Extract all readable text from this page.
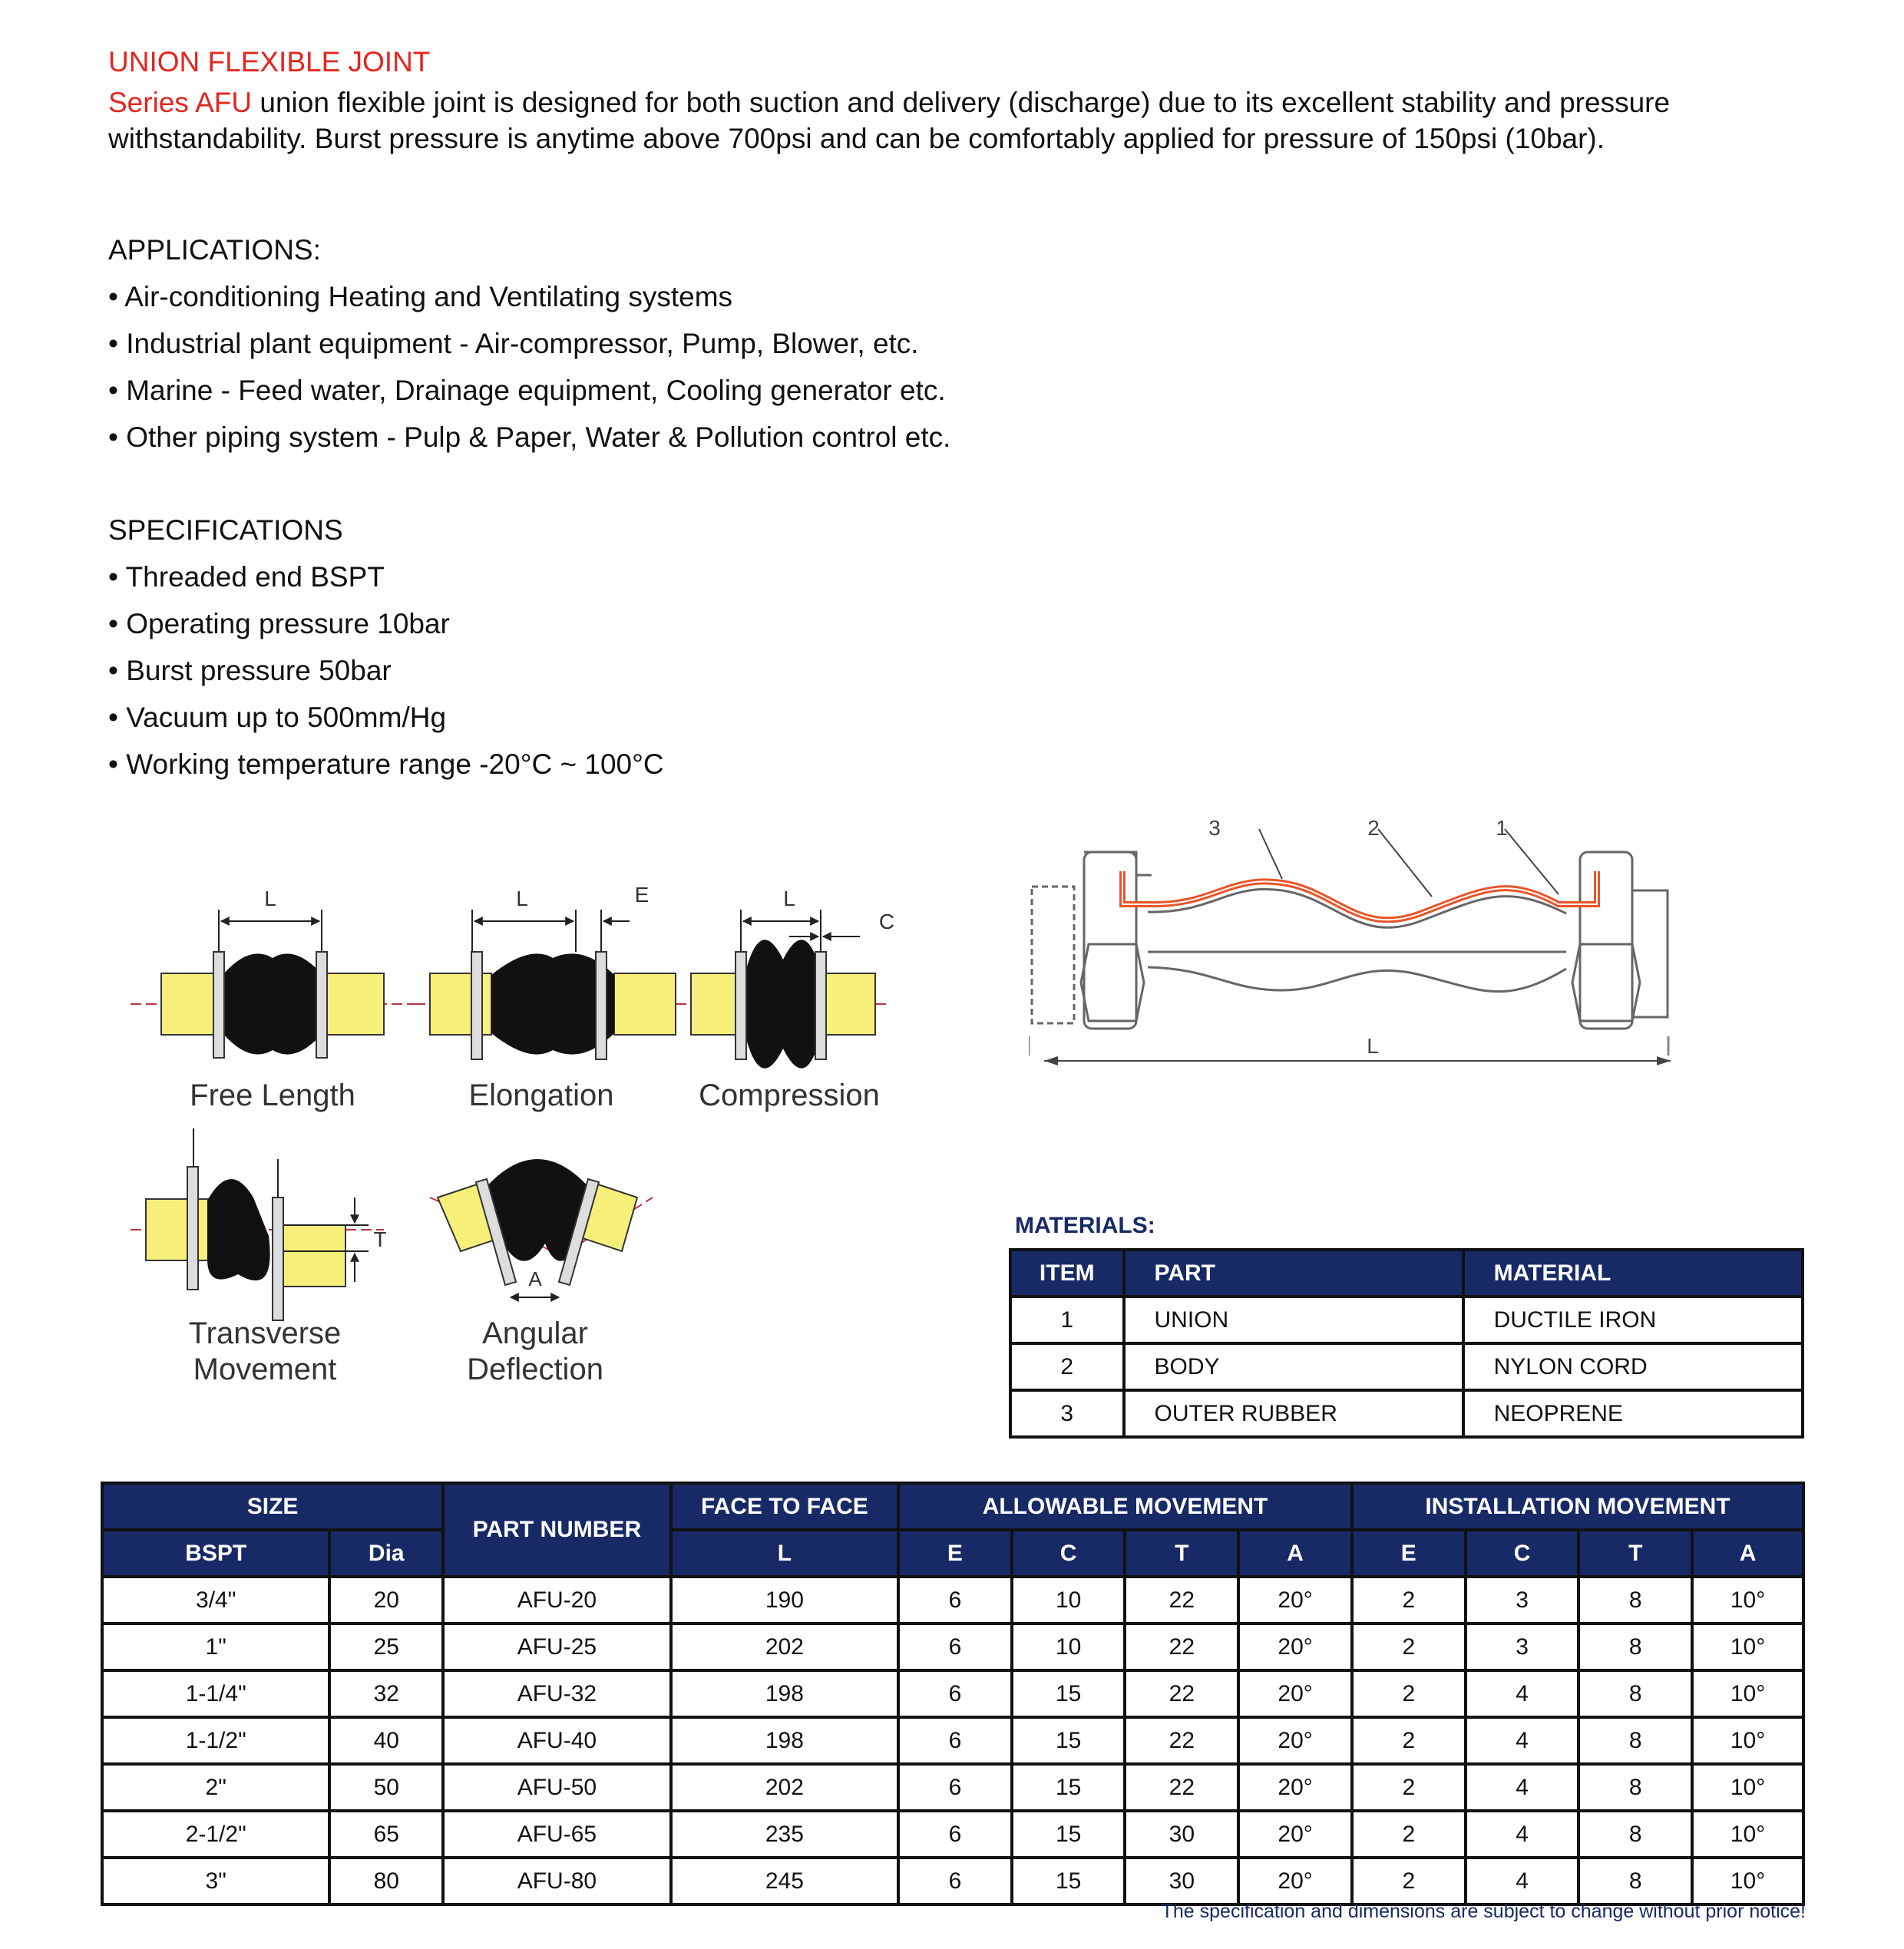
UNION FLEXIBLE JOINT
Series AFU union flexible joint is designed for both suction and delivery (discharge) due to its excellent stability and pressure withstandability. Burst pressure is anytime above 700psi and can be comfortably applied for pressure of 150psi (10bar).
APPLICATIONS:
• Air-conditioning Heating and Ventilating systems
• Industrial plant equipment - Air-compressor, Pump, Blower, etc.
• Marine - Feed water, Drainage equipment, Cooling generator etc.
• Other piping system - Pulp & Paper, Water & Pollution control etc.
SPECIFICATIONS
• Threaded end BSPT
• Operating pressure 10bar
• Burst pressure 50bar
• Vacuum up to 500mm/Hg
• Working temperature range -20°C ~ 100°C
L
Free Length
L	E
Elongation
L
C
Compression
T
Transverse
Movement
A
Angular
Deflection
3	2	1
L
MATERIALS:
ITEM	PART	MATERIAL
1	UNION	DUCTILE IRON
2	BODY	NYLON CORD
3	OUTER RUBBER	NEOPRENE
SIZE		PART NUMBER	FACE TO FACE	ALLOWABLE MOVEMENT				INSTALLATION MOVEMENT			
BSPT	Dia		L	E	C	T	A	E	C	T	A
3/4"	20	AFU-20	190	6	10	22	20°	2	3	8	10°
1"	25	AFU-25	202	6	10	22	20°	2	3	8	10°
1-1/4"	32	AFU-32	198	6	15	22	20°	2	4	8	10°
1-1/2"	40	AFU-40	198	6	15	22	20°	2	4	8	10°
2"	50	AFU-50	202	6	15	22	20°	2	4	8	10°
2-1/2"	65	AFU-65	235	6	15	30	20°	2	4	8	10°
3"	80	AFU-80	245	6	15	30	20°	2	4	8	10°
The specification and dimensions are subject to change without prior notice!
